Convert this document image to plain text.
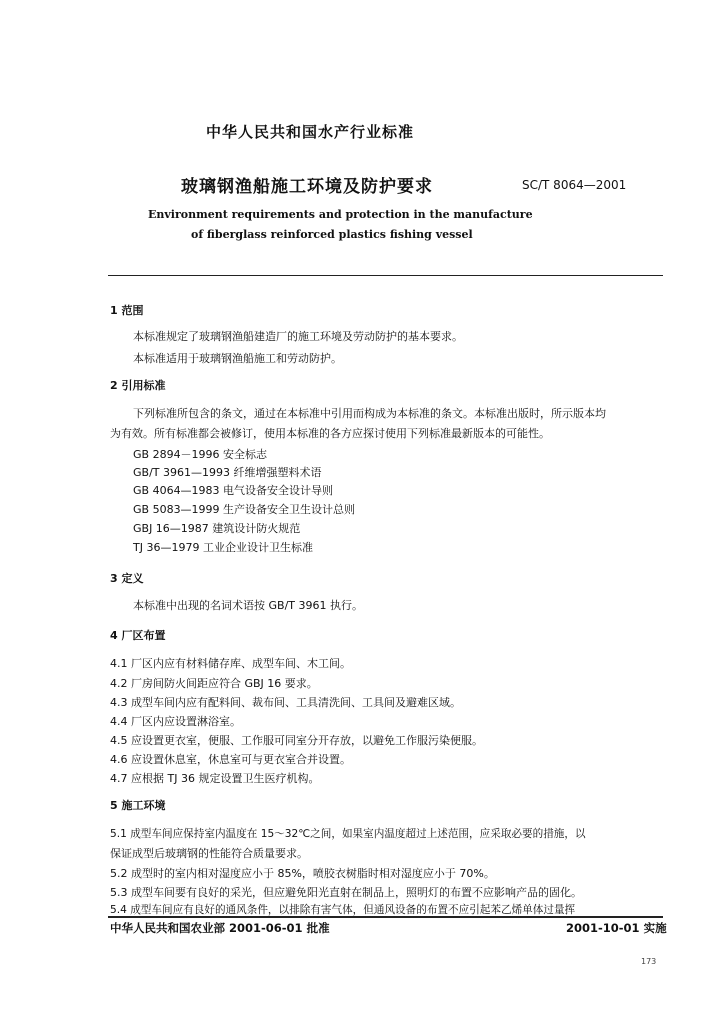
中华人民共和国水产行业标准
玻璃钢渔船施工环境及防护要求	SC/T 8064—2001
Environment requirements and protection in the manufacture
of fiberglass reinforced plastics fishing vessel
1 范围
本标准规定了玻璃钢渔船建造厂的施工环境及劳动防护的基本要求。
本标准适用于玻璃钢渔船施工和劳动防护。
2 引用标准
下列标准所包含的条文，通过在本标准中引用而构成为本标准的条文。本标准出版时，所示版本均
为有效。所有标准都会被修订，使用本标准的各方应探讨使用下列标准最新版本的可能性。
GB 2894－1996 安全标志
GB/T 3961—1993 纤维增强塑料术语
GB 4064—1983 电气设备安全设计导则
GB 5083—1999 生产设备安全卫生设计总则
GBJ 16—1987 建筑设计防火规范
TJ 36—1979 工业企业设计卫生标准
3 定义
本标准中出现的名词术语按 GB/T 3961 执行。
4 厂区布置
4.1 厂区内应有材料储存库、成型车间、木工间。
4.2 厂房间防火间距应符合 GBJ 16 要求。
4.3 成型车间内应有配料间、裁布间、工具清洗间、工具间及避难区域。
4.4 厂区内应设置淋浴室。
4.5 应设置更衣室，便服、工作服可同室分开存放，以避免工作服污染便服。
4.6 应设置休息室，休息室可与更衣室合并设置。
4.7 应根据 TJ 36 规定设置卫生医疗机构。
5 施工环境
5.1 成型车间应保持室内温度在 15～32℃之间，如果室内温度超过上述范围，应采取必要的措施，以
保证成型后玻璃钢的性能符合质量要求。
5.2 成型时的室内相对湿度应小于 85%，喷胶衣树脂时相对湿度应小于 70%。
5.3 成型车间要有良好的采光，但应避免阳光直射在制品上，照明灯的布置不应影响产品的固化。
5.4 成型车间应有良好的通风条件，以排除有害气体，但通风设备的布置不应引起苯乙烯单体过量挥
中华人民共和国农业部 2001-06-01 批准	2001-10-01 实施
173
